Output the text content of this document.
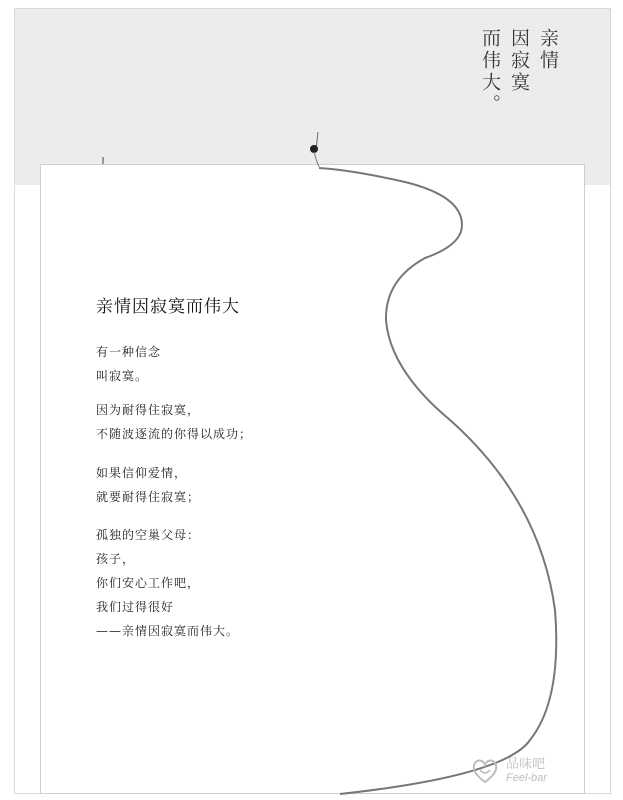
亲情
因寂寞
而伟大。
亲情因寂寞而伟大
有一种信念
叫寂寞。
因为耐得住寂寞，
不随波逐流的你得以成功；
如果信仰爱情，
就要耐得住寂寞；
孤独的空巢父母：
孩子，
你们安心工作吧，
我们过得很好
——亲情因寂寞而伟大。
品味吧
Feel-bar
